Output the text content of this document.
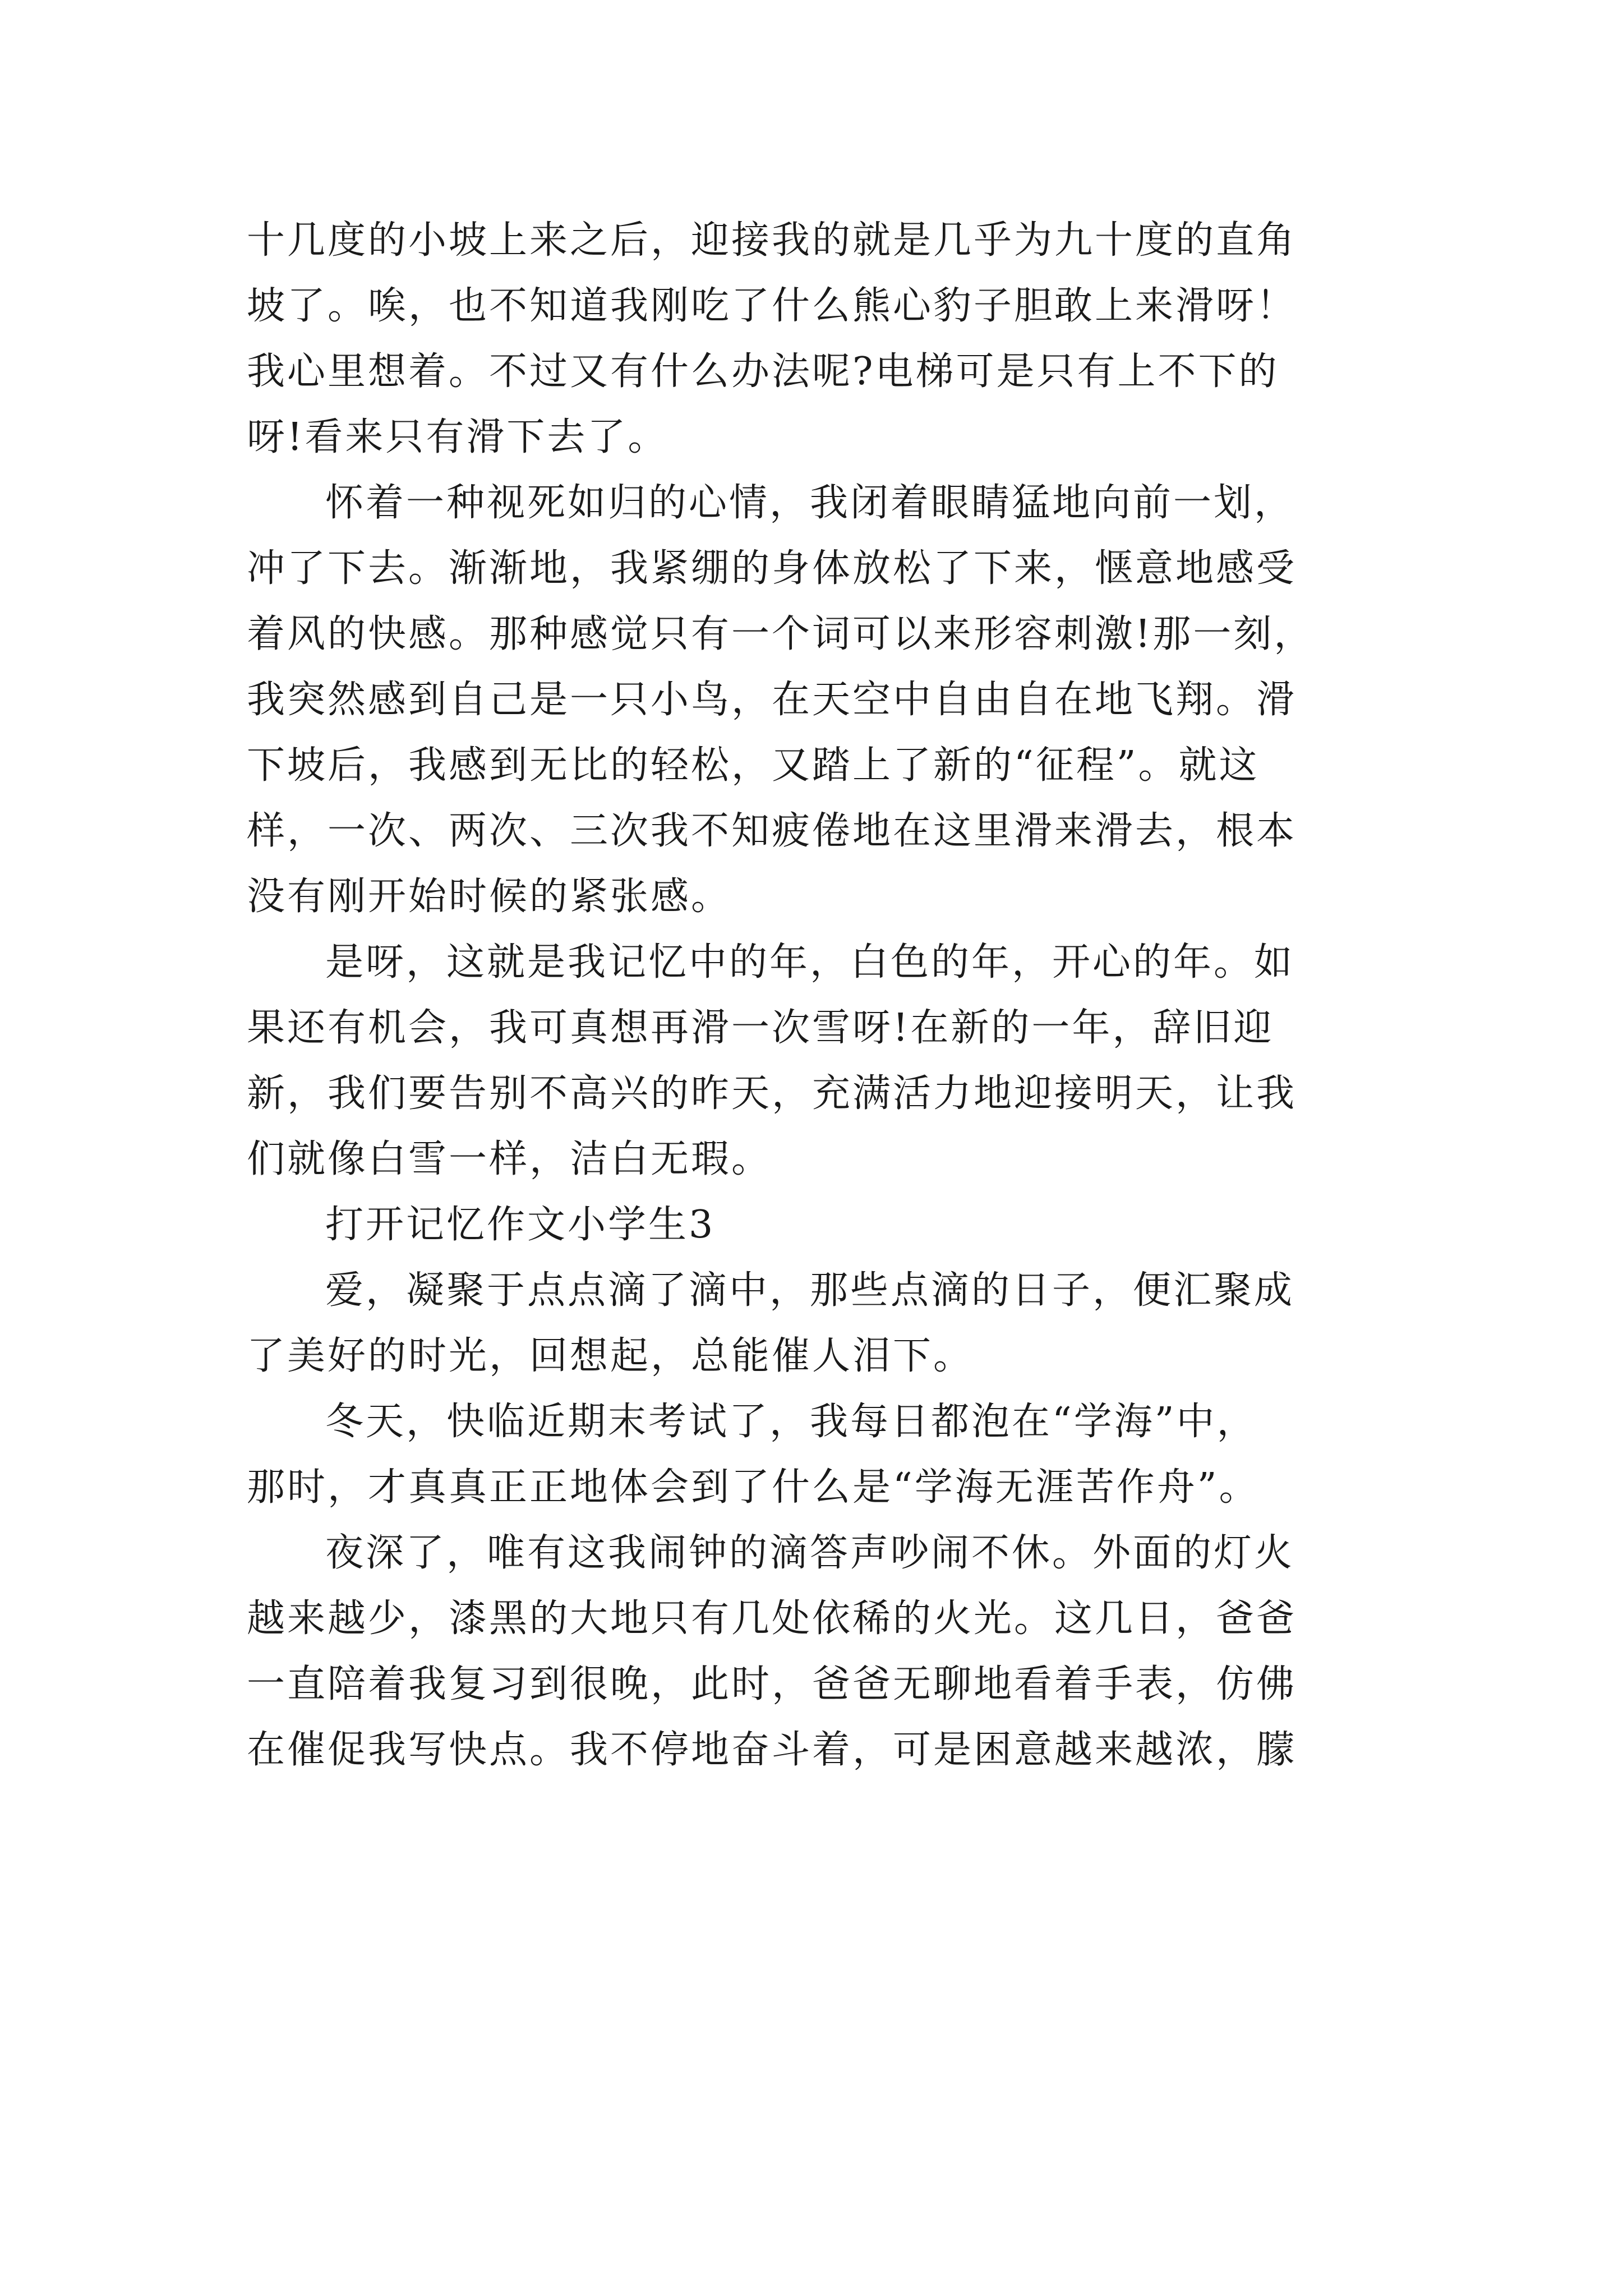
十几度的小坡上来之后，迎接我的就是几乎为九十度的直角
坡了。唉，也不知道我刚吃了什么熊心豹子胆敢上来滑呀！
我心里想着。不过又有什么办法呢?电梯可是只有上不下的
呀!看来只有滑下去了。
怀着一种视死如归的心情，我闭着眼睛猛地向前一划，
冲了下去。渐渐地，我紧绷的身体放松了下来，惬意地感受
着风的快感。那种感觉只有一个词可以来形容刺激!那一刻，
我突然感到自己是一只小鸟，在天空中自由自在地飞翔。滑
下坡后，我感到无比的轻松，又踏上了新的“征程”。就这
样，一次、两次、三次我不知疲倦地在这里滑来滑去，根本
没有刚开始时候的紧张感。
是呀，这就是我记忆中的年，白色的年，开心的年。如
果还有机会，我可真想再滑一次雪呀!在新的一年，辞旧迎
新，我们要告别不高兴的昨天，充满活力地迎接明天，让我
们就像白雪一样，洁白无瑕。
打开记忆作文小学生3
爱，凝聚于点点滴了滴中，那些点滴的日子，便汇聚成
了美好的时光，回想起，总能催人泪下。
冬天，快临近期末考试了，我每日都泡在“学海”中，
那时，才真真正正地体会到了什么是“学海无涯苦作舟”。
夜深了，唯有这我闹钟的滴答声吵闹不休。外面的灯火
越来越少，漆黑的大地只有几处依稀的火光。这几日，爸爸
一直陪着我复习到很晚，此时，爸爸无聊地看着手表，仿佛
在催促我写快点。我不停地奋斗着，可是困意越来越浓，朦
